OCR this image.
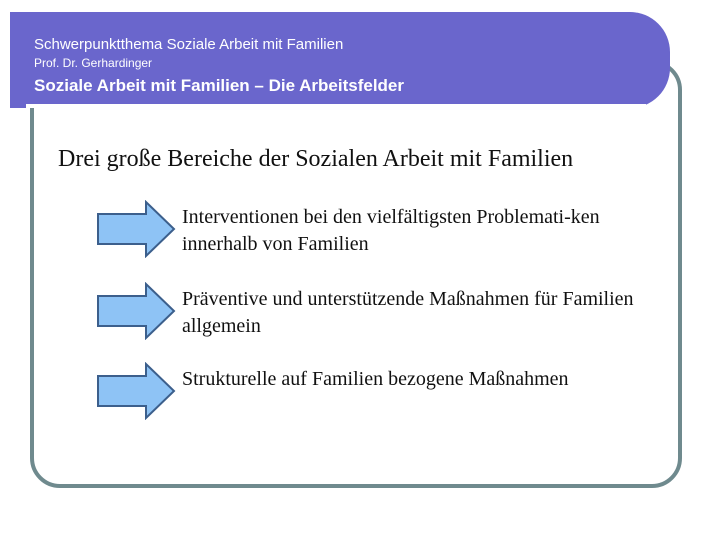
Schwerpunktthema Soziale Arbeit mit Familien
Prof. Dr. Gerhardinger
Soziale Arbeit mit Familien – Die Arbeitsfelder
Drei große Bereiche der Sozialen Arbeit mit Familien
Interventionen bei den vielfältigsten Problemati-ken innerhalb von Familien
Präventive und unterstützende Maßnahmen für Familien allgemein
Strukturelle auf Familien bezogene Maßnahmen
